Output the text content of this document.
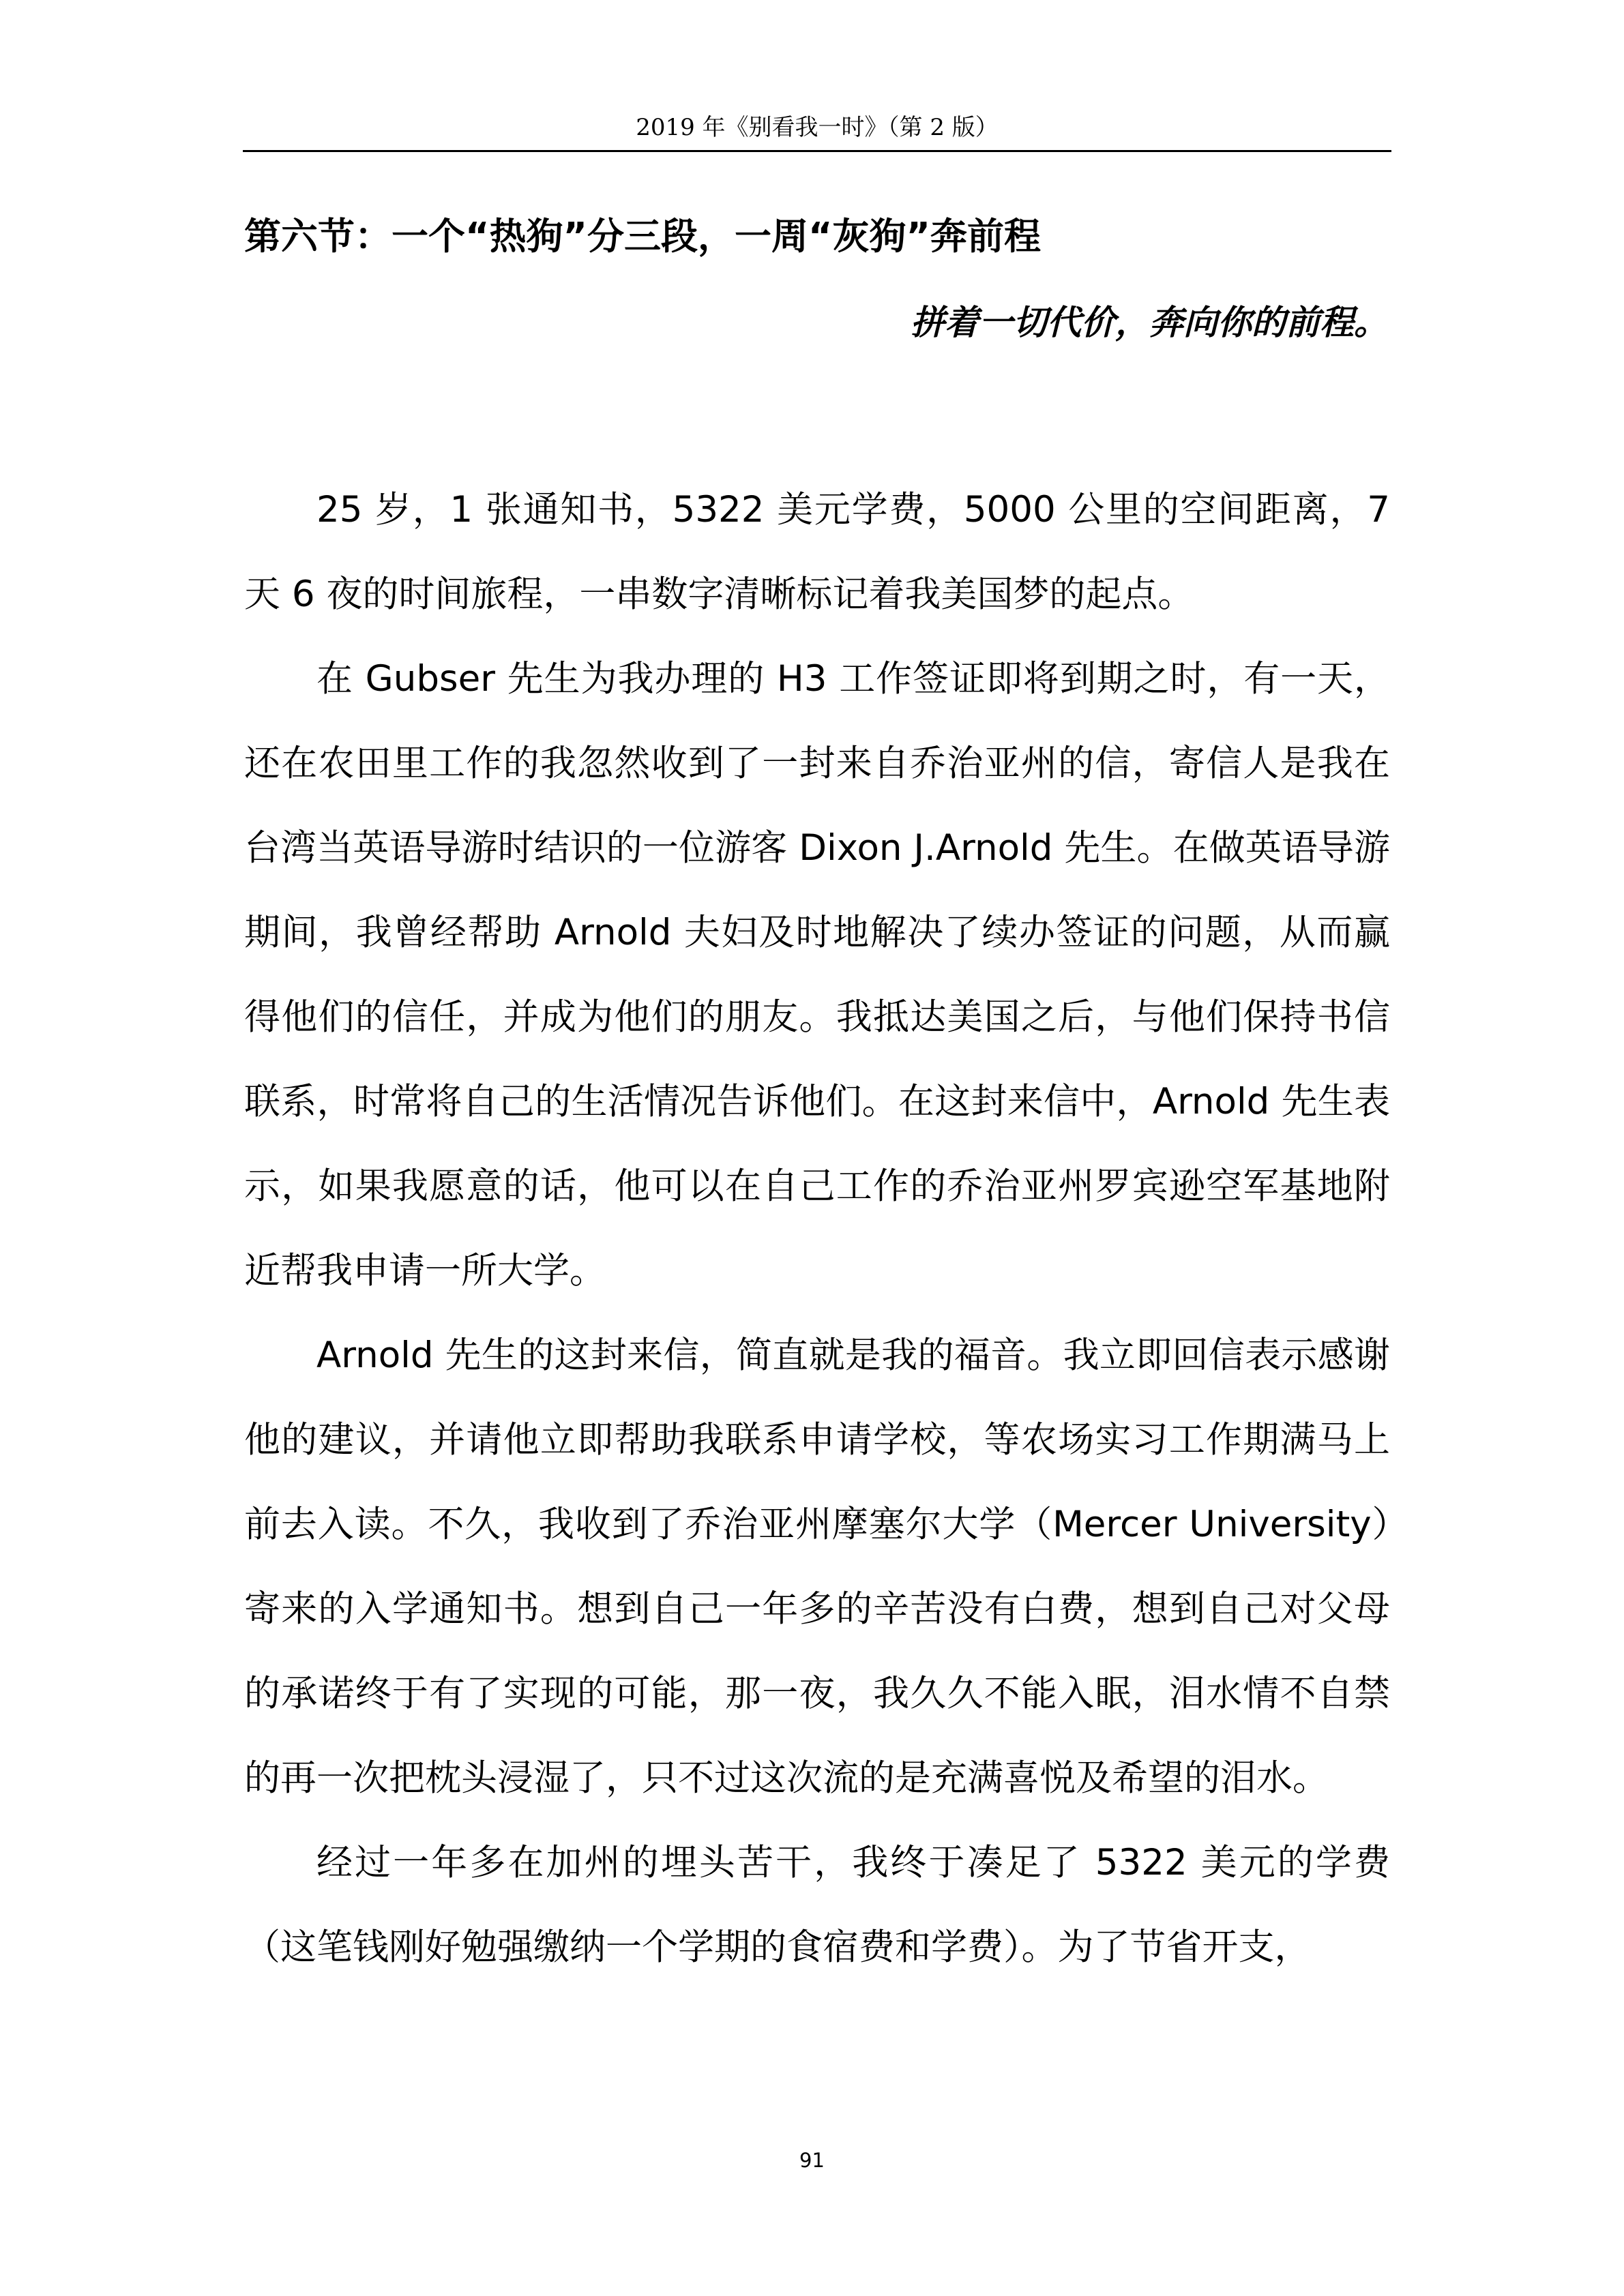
2019 年《别看我一时》（第 2 版）
第六节：一个“热狗”分三段，一周“灰狗”奔前程
拼着一切代价，奔向你的前程。

25 岁，1 张通知书，5322 美元学费，5000 公里的空间距离，7 天 6 夜的时间旅程，一串数字清晰标记着我美国梦的起点。

在 Gubser 先生为我办理的 H3 工作签证即将到期之时，有一天，还在农田里工作的我忽然收到了一封来自乔治亚州的信，寄信人是我在台湾当英语导游时结识的一位游客 Dixon J.Arnold 先生。在做英语导游期间，我曾经帮助 Arnold 夫妇及时地解决了续办签证的问题，从而赢得他们的信任，并成为他们的朋友。我抵达美国之后，与他们保持书信联系，时常将自己的生活情况告诉他们。在这封来信中，Arnold 先生表示，如果我愿意的话，他可以在自己工作的乔治亚州罗宾逊空军基地附近帮我申请一所大学。

Arnold 先生的这封来信，简直就是我的福音。我立即回信表示感谢他的建议，并请他立即帮助我联系申请学校，等农场实习工作期满马上前去入读。不久，我收到了乔治亚州摩塞尔大学（Mercer University）寄来的入学通知书。想到自己一年多的辛苦没有白费，想到自己对父母的承诺终于有了实现的可能，那一夜，我久久不能入眠，泪水情不自禁的再一次把枕头浸湿了，只不过这次流的是充满喜悦及希望的泪水。

经过一年多在加州的埋头苦干，我终于凑足了 5322 美元的学费（这笔钱刚好勉强缴纳一个学期的食宿费和学费）。为了节省开支，

91
